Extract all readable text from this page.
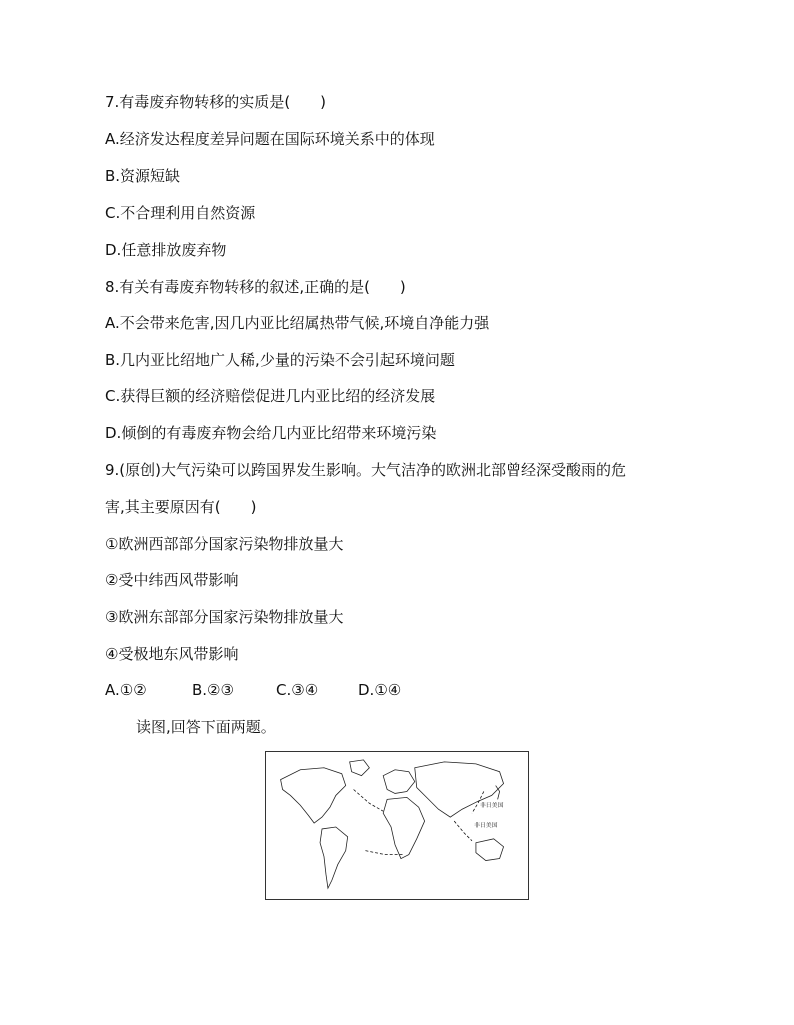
7.有毒废弃物转移的实质是(　　)
A.经济发达程度差异问题在国际环境关系中的体现
B.资源短缺
C.不合理利用自然资源
D.任意排放废弃物
8.有关有毒废弃物转移的叙述,正确的是(　　)
A.不会带来危害,因几内亚比绍属热带气候,环境自净能力强
B.几内亚比绍地广人稀,少量的污染不会引起环境问题
C.获得巨额的经济赔偿促进几内亚比绍的经济发展
D.倾倒的有毒废弃物会给几内亚比绍带来环境污染
9.(原创)大气污染可以跨国界发生影响。大气洁净的欧洲北部曾经深受酸雨的危
害,其主要原因有(　　)
①欧洲西部部分国家污染物排放量大
②受中纬西风带影响
③欧洲东部部分国家污染物排放量大
④受极地东风带影响
A.①②	B.②③	C.③④	D.①④
读图,回答下面两题。
非日美国
非日美国
